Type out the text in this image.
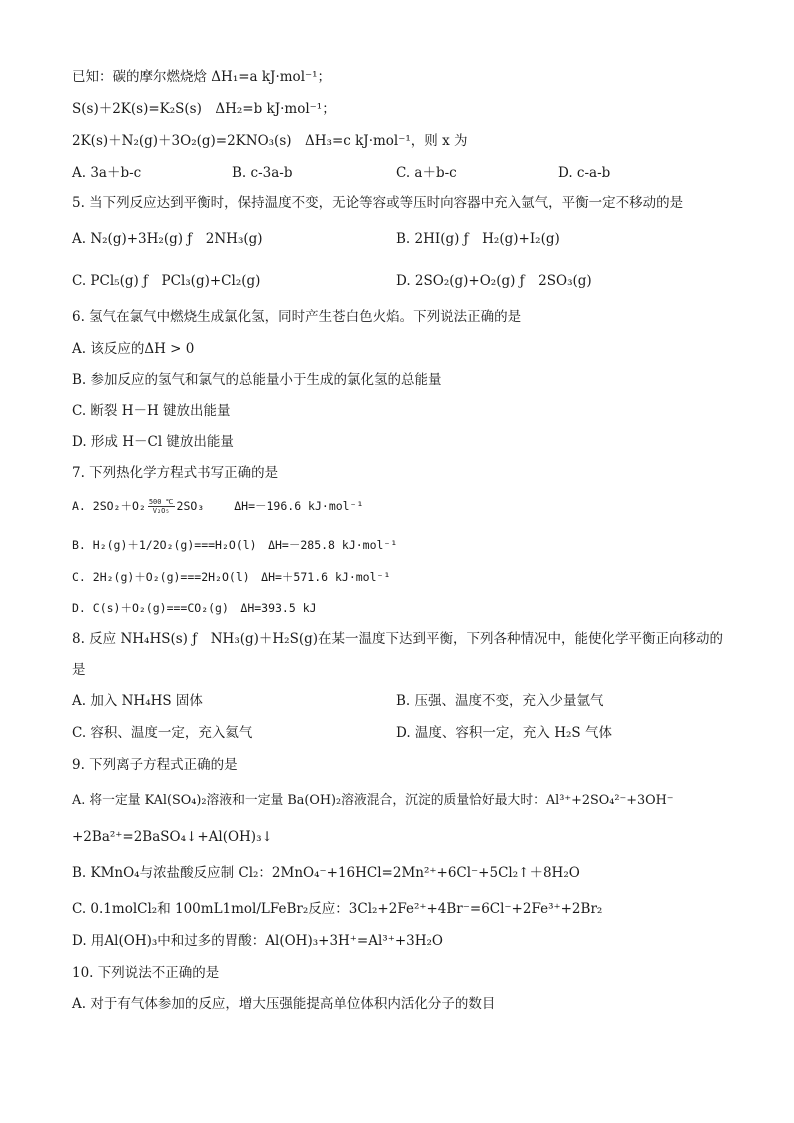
已知：碳的摩尔燃烧焓 ΔH₁=a kJ·mol⁻¹；
S(s)＋2K(s)=K₂S(s)　ΔH₂=b kJ·mol⁻¹；
2K(s)＋N₂(g)＋3O₂(g)=2KNO₃(s)　ΔH₃=c kJ·mol⁻¹，则 x 为
A. 3a＋b-c	B. c-3a-b	C. a＋b-c	D. c-a-b
5. 当下列反应达到平衡时，保持温度不变，无论等容或等压时向容器中充入氩气，平衡一定不移动的是
A. N₂(g)+3H₂(g) ƒ　2NH₃(g)	B. 2HI(g) ƒ　H₂(g)+I₂(g)
C. PCl₅(g) ƒ　PCl₃(g)+Cl₂(g)	D. 2SO₂(g)+O₂(g) ƒ　2SO₃(g)
6. 氢气在氯气中燃烧生成氯化氢，同时产生苍白色火焰。下列说法正确的是
A. 该反应的ΔH > 0
B. 参加反应的氢气和氯气的总能量小于生成的氯化氢的总能量
C. 断裂 H－H 键放出能量
D. 形成 H－Cl 键放出能量
7. 下列热化学方程式书写正确的是
A. $2SO_2+O_2 \frac{500 ℃}{\text{V₂O₅}} 2SO_3$	ΔH=－196.6 kJ·mol⁻¹
B. H₂(g)＋1/2O₂(g)===H₂O(l)　ΔH=－285.8 kJ·mol⁻¹
C. 2H₂(g)＋O₂(g)===2H₂O(l)　ΔH=＋571.6 kJ·mol⁻¹
D. C(s)＋O₂(g)===CO₂(g)　ΔH=393.5 kJ
8. 反应 NH₄HS(s) ƒ　NH₃(g)＋H₂S(g)在某一温度下达到平衡，下列各种情况中，能使化学平衡正向移动的
是
A. 加入 NH₄HS 固体	B. 压强、温度不变，充入少量氩气
C. 容积、温度一定，充入氦气	D. 温度、容积一定，充入 H₂S 气体
9. 下列离子方程式正确的是
A. 将一定量 KAl(SO₄)₂溶液和一定量 Ba(OH)₂溶液混合，沉淀的质量恰好最大时：Al³⁺+2SO₄²⁻+3OH⁻
+2Ba²⁺=2BaSO₄↓+Al(OH)₃↓
B. KMnO₄与浓盐酸反应制 Cl₂：2MnO₄⁻+16HCl=2Mn²⁺+6Cl⁻+5Cl₂↑＋8H₂O
C. 0.1molCl₂和 100mL1mol/LFeBr₂反应：3Cl₂+2Fe²⁺+4Br⁻=6Cl⁻+2Fe³⁺+2Br₂
D. 用Al(OH)₃中和过多的胃酸：Al(OH)₃+3H⁺=Al³⁺+3H₂O
10. 下列说法不正确的是
A. 对于有气体参加的反应，增大压强能提高单位体积内活化分子的数目
